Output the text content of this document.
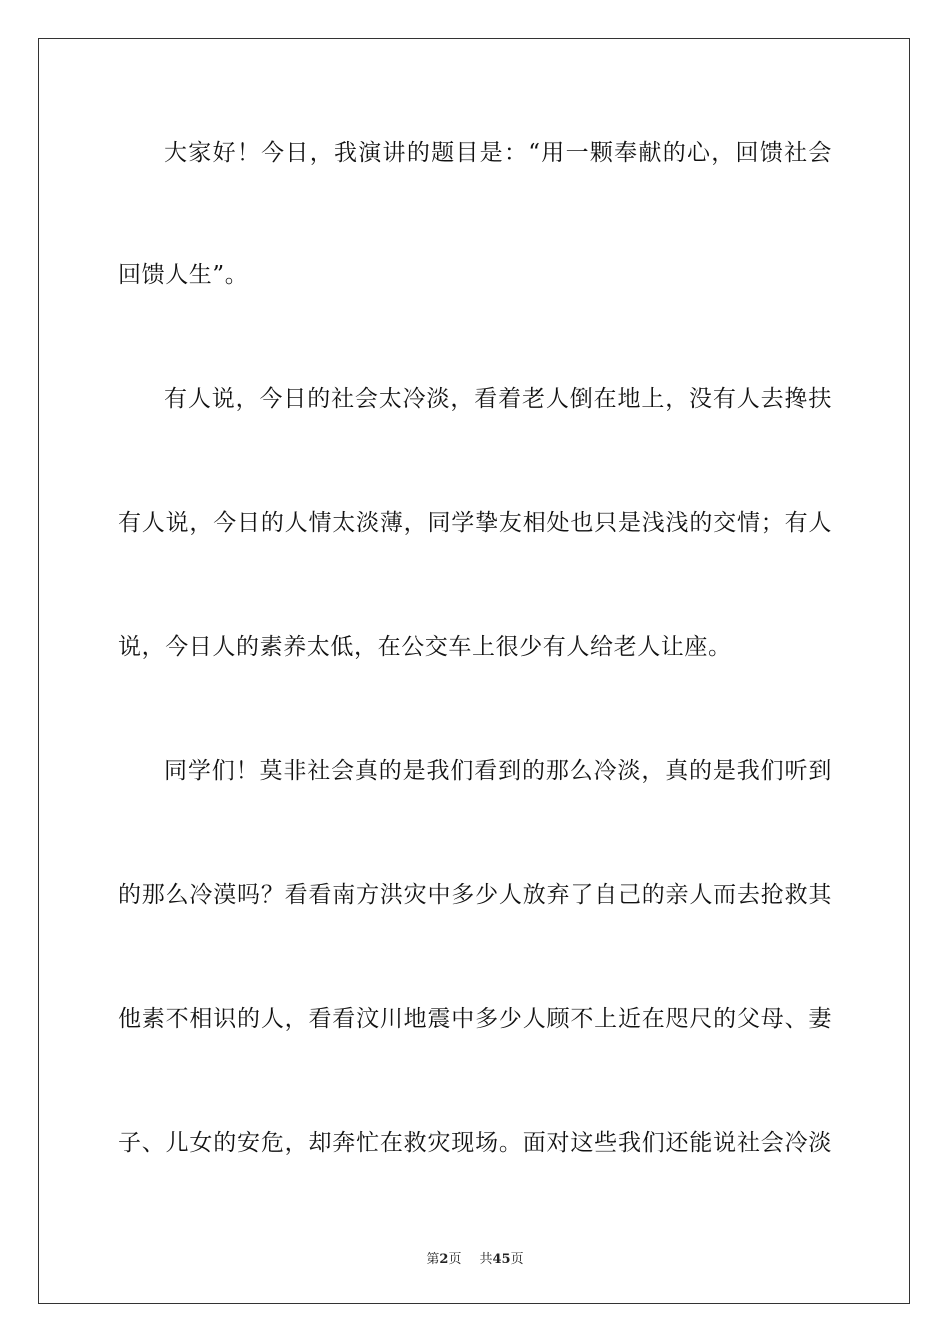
大家好！今日，我演讲的题目是：“用一颗奉献的心，回馈社会
回馈人生”。
有人说，今日的社会太冷淡，看着老人倒在地上，没有人去搀扶
有人说，今日的人情太淡薄，同学挚友相处也只是浅浅的交情；有人
说，今日人的素养太低，在公交车上很少有人给老人让座。
同学们！莫非社会真的是我们看到的那么冷淡，真的是我们听到
的那么冷漠吗？看看南方洪灾中多少人放弃了自己的亲人而去抢救其
他素不相识的人，看看汶川地震中多少人顾不上近在咫尺的父母、妻
子、儿女的安危，却奔忙在救灾现场。面对这些我们还能说社会冷淡
第2页 共45页
